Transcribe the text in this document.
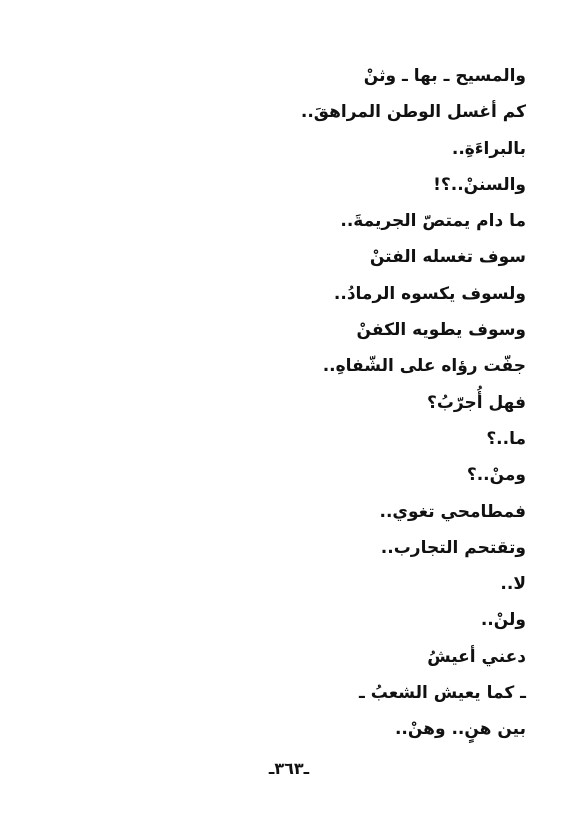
والمسيح ـ بها ـ وثنْ
كم أغسل الوطن المراهقَ..
بالبراءَةِ..
والسننْ..؟!
ما دام يمتصّ الجريمةَ..
سوف تغسله الفتنْ
ولسوف يكسوه الرمادُ..
وسوف يطويه الكفنْ
جفّت رؤاه على الشّفاهِ..
فهل أُجرّبُ؟
ما..؟
ومنْ..؟
فمطامحي تغوي..
وتقتحم التجارب..
لا..
ولنْ..
دعني أعيشُ
ـ كما يعيش الشعبُ ـ
بين هنٍ.. وهنْ..
ـ٣٦٣ـ
